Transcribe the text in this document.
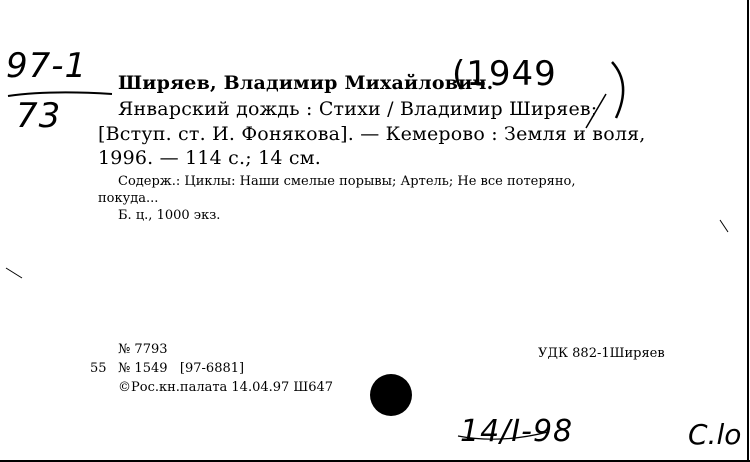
97-1
73
(1949
Ширяев, Владимир Михайлович.
Январский дождь : Стихи / Владимир Ширяев;
[Вступ. ст. И. Фонякова]. — Кемерово : Земля и воля,
1996. — 114 с.; 14 см.
Содерж.: Циклы: Наши смелые порывы; Артель; Не все потеряно,
покуда...
Б. ц., 1000 экз.
№ 7793
55 № 1549   [97-6881]
©Рос.кн.палата 14.04.97 Ш647
УДК 882-1Ширяев
14/I-98	C.lo
